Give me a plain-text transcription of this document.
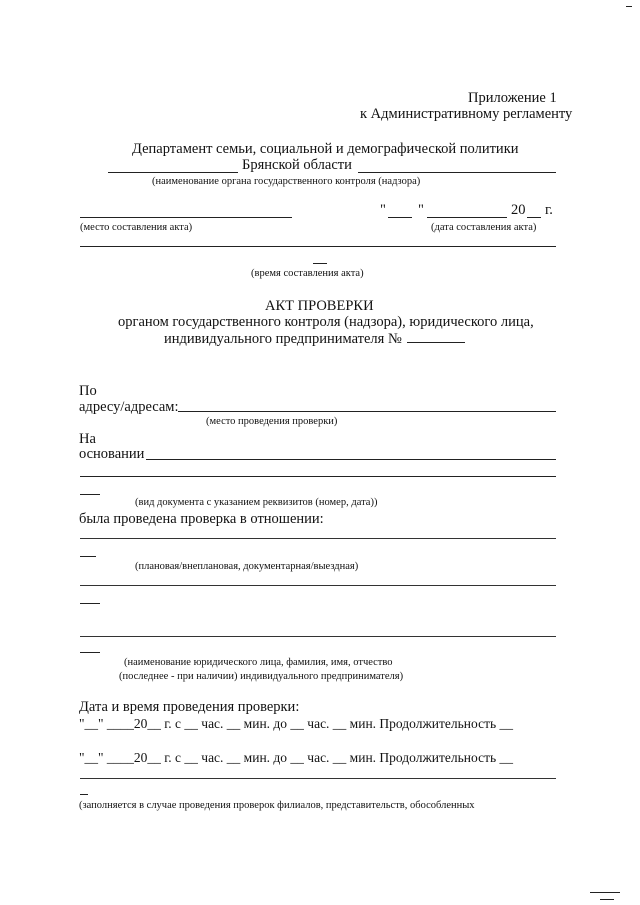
Приложение 1
к Административному регламенту
Департамент семьи, социальной и демографической политики
Брянской области
(наименование органа государственного контроля (надзора)
" "	20 г.
(место составления акта)	(дата составления акта)
(время составления акта)
АКТ ПРОВЕРКИ
органом государственного контроля (надзора), юридического лица,
индивидуального предпринимателя №
По
адресу/адресам:
(место проведения проверки)
На
основании
(вид документа с указанием реквизитов (номер, дата))
была проведена проверка в отношении:
(плановая/внеплановая, документарная/выездная)
(наименование юридического лица, фамилия, имя, отчество
(последнее - при наличии) индивидуального предпринимателя)
Дата и время проведения проверки:
"__" ____20__ г. с __ час. __ мин. до __ час. __ мин. Продолжительность __
"__" ____20__ г. с __ час. __ мин. до __ час. __ мин. Продолжительность __
(заполняется в случае проведения проверок филиалов, представительств, обособленных
